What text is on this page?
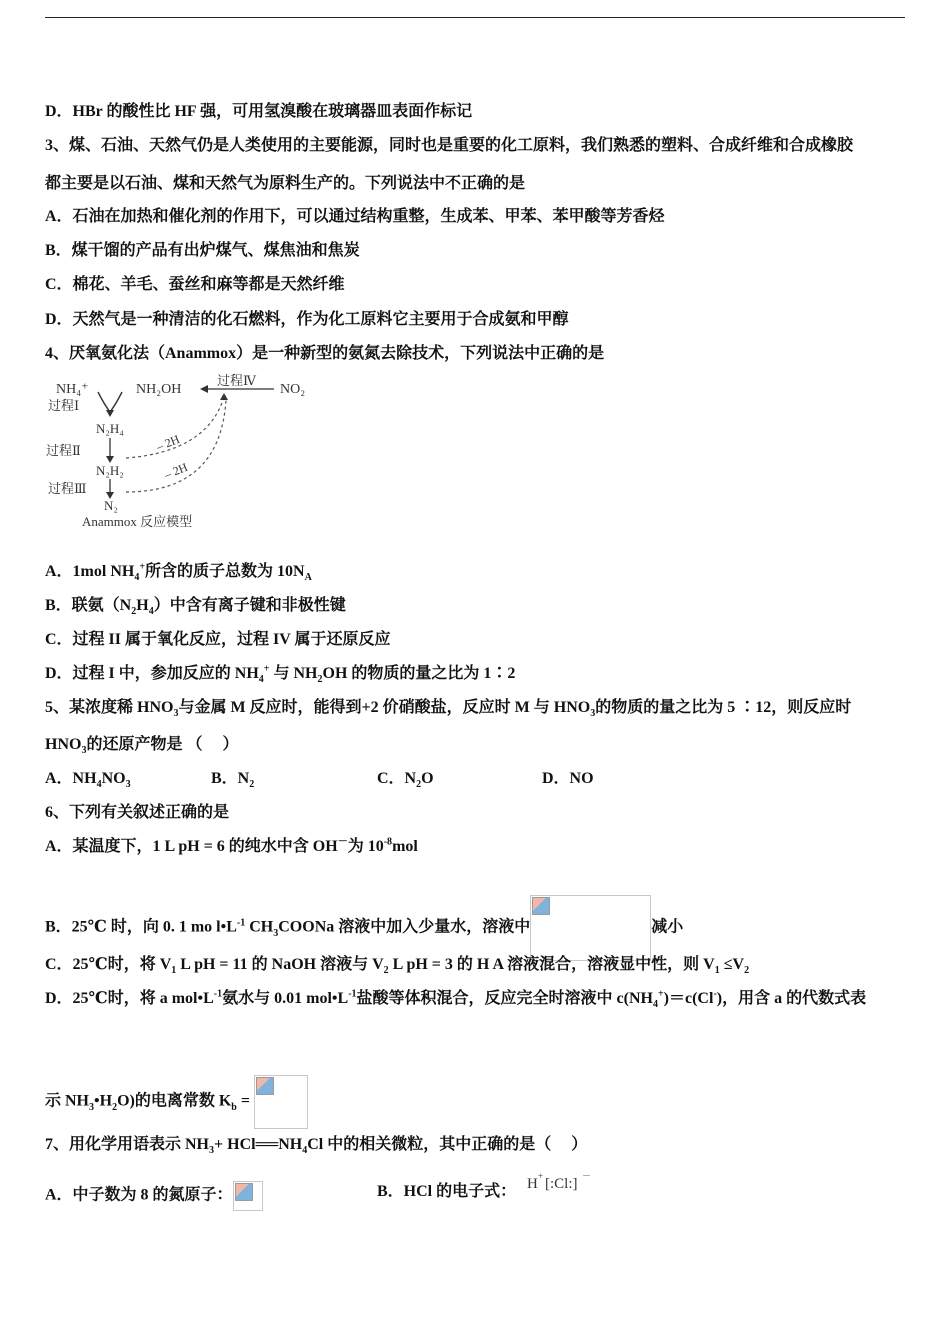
D．HBr 的酸性比 HF 强，可用氢溴酸在玻璃器皿表面作标记
3、煤、石油、天然气仍是人类使用的主要能源，同时也是重要的化工原料，我们熟悉的塑料、合成纤维和合成橡胶
都主要是以石油、煤和天然气为原料生产的。下列说法中不正确的是
A．石油在加热和催化剂的作用下，可以通过结构重整，生成苯、甲苯、苯甲酸等芳香烃
B．煤干馏的产品有出炉煤气、煤焦油和焦炭
C．棉花、羊毛、蚕丝和麻等都是天然纤维
D．天然气是一种清洁的化石燃料，作为化工原料它主要用于合成氨和甲醇
4、厌氧氨化法（Anammox）是一种新型的氨氮去除技术，下列说法中正确的是
NH₄⁺
过程Ⅰ
NH₂OH
过程Ⅳ
NO₂
N₂H₄
过程Ⅱ
N₂H₂
过程Ⅲ
N₂
Anammox 反应模型
– 2H
– 2H
A．1mol $NH_4^+$所含的质子总数为 $10N_A$
B．联氨$(N_2H_4)$中含有离子键和非极性键
C．过程 II 属于氧化反应，过程 IV 属于还原反应
D．过程 I 中，参加反应的 $NH_4^+$ 与 $NH_2OH$ 的物质的量之比为 1∶2
5、某浓度稀 $HNO_3$与金属 M 反应时，能得到+2 价硝酸盐，反应时 M 与 $HNO_3$的物质的量之比为 5 ∶12，则反应时
$HNO_3$的还原产物是 （　 ）
A．$NH_4NO_3$	B．$N_2$	C．$N_2O$	D．NO
6、下列有关叙述正确的是
A．某温度下，1 L pH = 6 的纯水中含 OH－为 $10^{-8}mol$
B．25℃ 时，向 0. 1 mo $l•L^{-1}$ $CH_3COONa$ 溶液中加入少量水，溶液中	减小
C．25℃时，将 $V_1$ L pH = 11 的 NaOH 溶液与 $V_2$ L pH = 3 的 H A 溶液混合，溶液显中性，则 $V_1 \le V_2$
D．25℃时，将 a $mol•L^{-1}$氨水与 0.01 $mol•L^{-1}$盐酸等体积混合，反应完全时溶液中 $c(NH_4^+)=c(Cl^-)$，用含 a 的代数式表
示 $NH_3•H_2O$)的电离常数 $K_b$ =
7、用化学用语表示 $NH_3+$ $HCl══NH_4Cl$ 中的相关微粒，其中正确的是（　 ）
A．中子数为 8 的氮原子：	B．HCl 的电子式： H + [:Cl:] －
